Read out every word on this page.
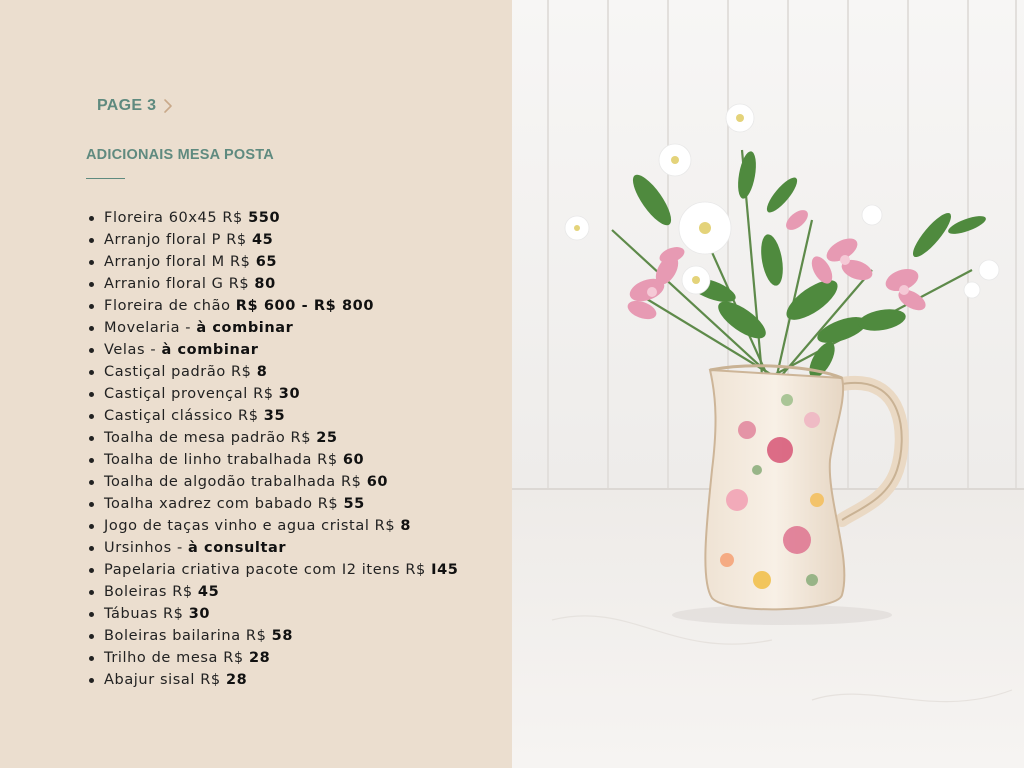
PAGE 3
ADICIONAIS MESA POSTA
Floreira 60x45 R$ 550
Arranjo floral P R$ 45
Arranjo floral M R$ 65
Arranio floral G R$ 80
Floreira de chão R$ 600 - R$ 800
Movelaria - à combinar
Velas - à combinar
Castiçal padrão R$ 8
Castiçal provençal R$ 30
Castiçal clássico R$ 35
Toalha de mesa padrão R$ 25
Toalha de linho trabalhada R$ 60
Toalha de algodão trabalhada R$ 60
Toalha xadrez com babado R$ 55
Jogo de taças vinho e agua cristal R$ 8
Ursinhos - à consultar
Papelaria criativa pacote com I2 itens R$ I45
Boleiras R$ 45
Tábuas R$ 30
Boleiras bailarina R$ 58
Trilho de mesa R$ 28
Abajur sisal R$ 28
